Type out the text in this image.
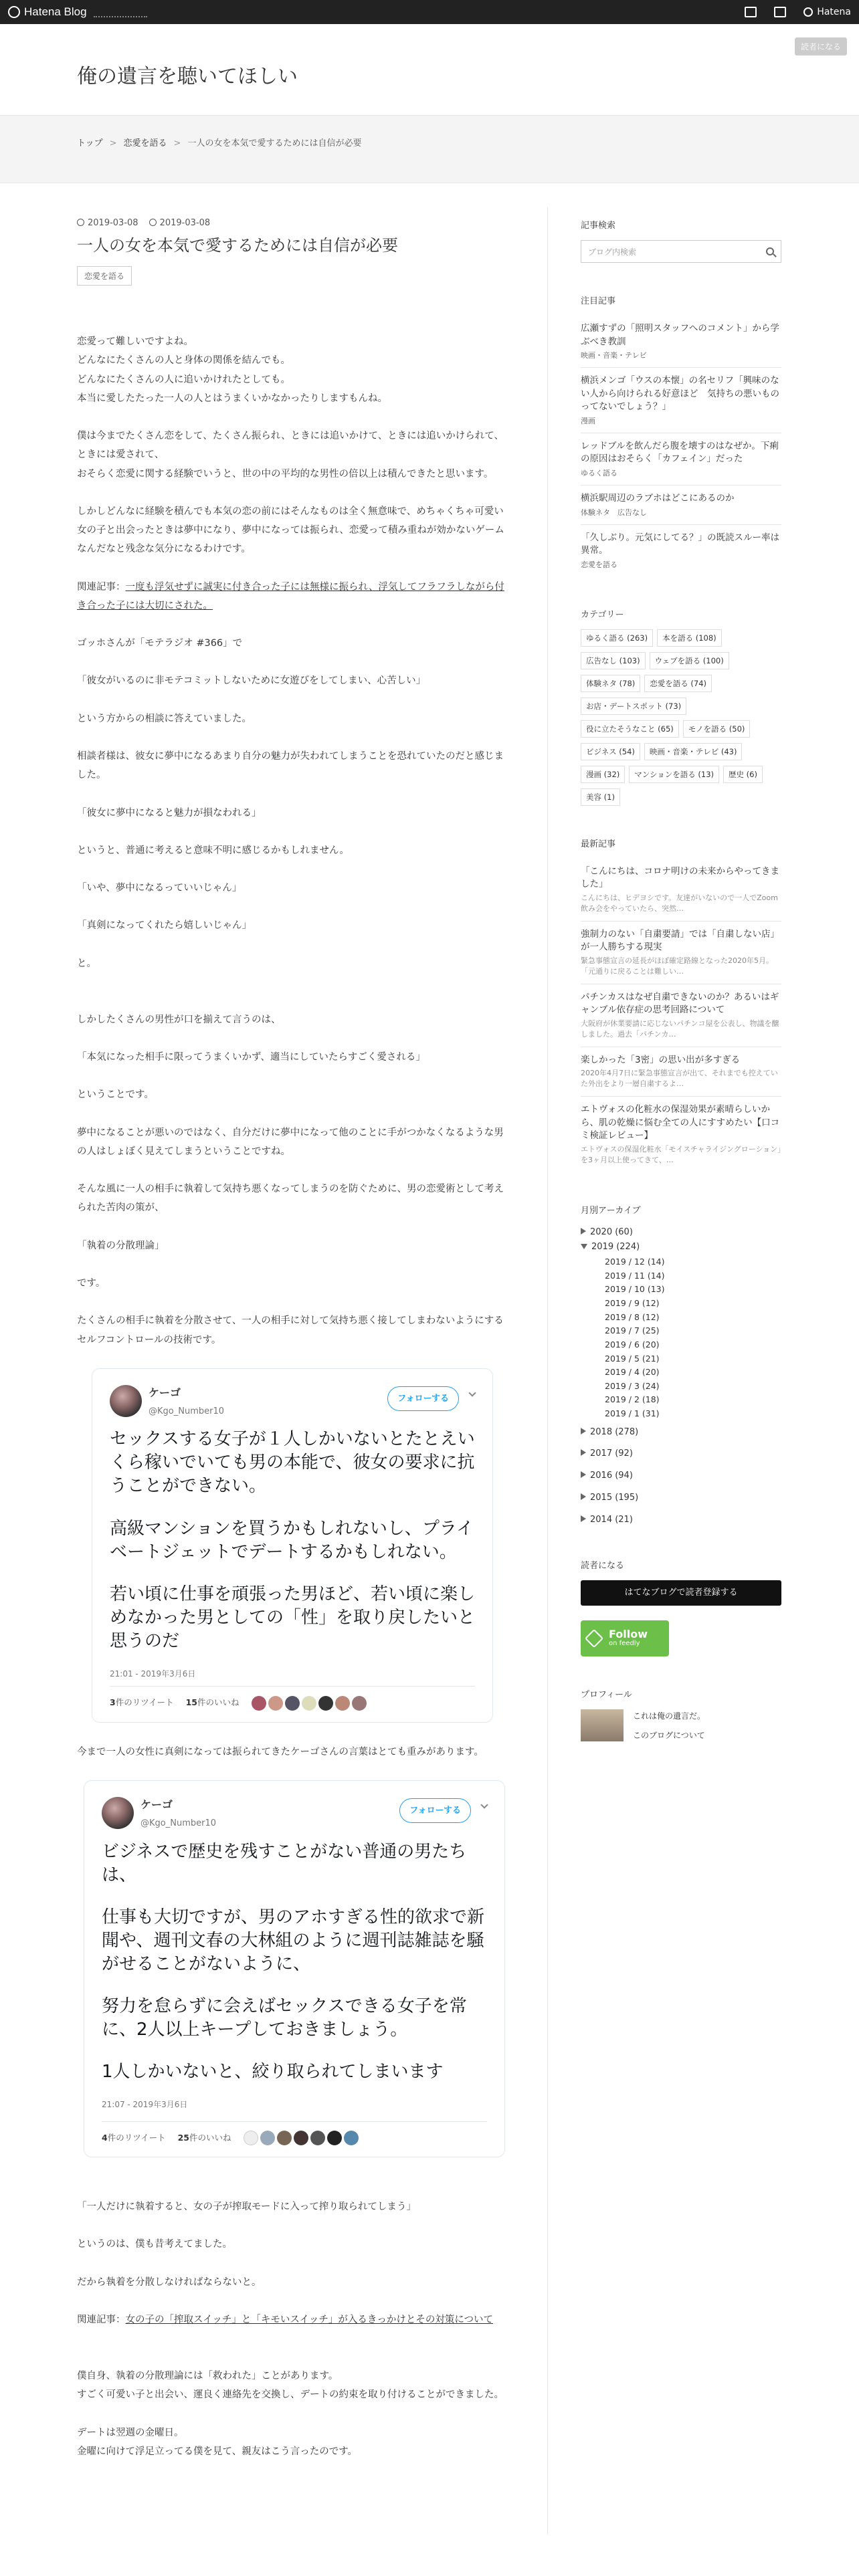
Hatena Blog	Hatena
俺の遺言を聴いてほしい
読者になる
トップ > 恋愛を語る > 一人の女を本気で愛するためには自信が必要
2019-03-08	2019-03-08
一人の女を本気で愛するためには自信が必要
恋愛を語る

恋愛って難しいですよね。
どんなにたくさんの人と身体の関係を結んでも。
どんなにたくさんの人に追いかけれたとしても。
本当に愛したたった一人の人とはうまくいかなかったりしますもんね。

僕は今までたくさん恋をして、たくさん振られ、ときには追いかけて、ときには追いかけられて、ときには愛されて、
おそらく恋愛に関する経験でいうと、世の中の平均的な男性の倍以上は積んできたと思います。

しかしどんなに経験を積んでも本気の恋の前にはそんなものは全く無意味で、めちゃくちゃ可愛い女の子と出会ったときは夢中になり、夢中になっては振られ、恋愛って積み重ねが効かないゲームなんだなと残念な気分になるわけです。

関連記事：一度も浮気せずに誠実に付き合った子には無様に振られ、浮気してフラフラしながら付き合った子には大切にされた。

ゴッホさんが「モテラジオ #366」で

「彼女がいるのに非モテコミットしないために女遊びをしてしまい、心苦しい」

という方からの相談に答えていました。

相談者様は、彼女に夢中になるあまり自分の魅力が失われてしまうことを恐れていたのだと感じました。

「彼女に夢中になると魅力が損なわれる」

というと、普通に考えると意味不明に感じるかもしれません。

「いや、夢中になるっていいじゃん」

「真剣になってくれたら嬉しいじゃん」

と。

しかしたくさんの男性が口を揃えて言うのは、

「本気になった相手に限ってうまくいかず、適当にしていたらすごく愛される」

ということです。

夢中になることが悪いのではなく、自分だけに夢中になって他のことに手がつかなくなるような男の人はしょぼく見えてしまうということですね。

そんな風に一人の相手に執着して気持ち悪くなってしまうのを防ぐために、男の恋愛術として考えられた苦肉の策が、

「執着の分散理論」

です。

たくさんの相手に執着を分散させて、一人の相手に対して気持ち悪く接してしまわないようにするセルフコントロールの技術です。

ケーゴ
@Kgo_Number10
フォローする

セックスする女子が１人しかいないとたとえいくら稼いでいても男の本能で、彼女の要求に抗うことができない。

高級マンションを買うかもしれないし、プライベートジェットでデートするかもしれない。

若い頃に仕事を頑張った男ほど、若い頃に楽しめなかった男としての「性」を取り戻したいと思うのだ

21:01 - 2019年3月6日
3件のリツイート 15件のいいね

今まで一人の女性に真剣になっては振られてきたケーゴさんの言葉はとても重みがあります。

ケーゴ
@Kgo_Number10
フォローする

ビジネスで歴史を残すことがない普通の男たちは、

仕事も大切ですが、男のアホすぎる性的欲求で新聞や、週刊文春の大林組のように週刊誌雑誌を騒がせることがないように、

努力を怠らずに会えばセックスできる女子を常に、2人以上キープしておきましょう。

1人しかいないと、絞り取られてしまいます

21:07 - 2019年3月6日
4件のリツイート 25件のいいね

「一人だけに執着すると、女の子が搾取モードに入って搾り取られてしまう」

というのは、僕も昔考えてました。

だから執着を分散しなければならないと。

関連記事：女の子の「搾取スイッチ」と「キモいスイッチ」が入るきっかけとその対策について

僕自身、執着の分散理論には「救われた」ことがあります。
すごく可愛い子と出会い、運良く連絡先を交換し、デートの約束を取り付けることができました。

デートは翌週の金曜日。
金曜に向けて浮足立ってる僕を見て、親友はこう言ったのです。

記事検索
ブログ内検索
注目記事
広瀬すずの「照明スタッフへのコメント」から学ぶべき教訓
映画・音楽・テレビ
横浜メンゴ「ウスの本懐」の名セリフ「興味のない人から向けられる好意ほど　気持ちの悪いものってないでしょう？」
漫画
レッドブルを飲んだら腹を壊すのはなぜか。下痢の原因はおそらく「カフェイン」だった
ゆるく語る
横浜駅周辺のラブホはどこにあるのか
体験ネタ　広告なし
「久しぶり。元気にしてる？」の既読スルー率は異常。
恋愛を語る
カテゴリー
ゆるく語る (263)	本を語る (108)
広告なし (103)	ウェブを語る (100)
体験ネタ (78)	恋愛を語る (74)
お店・デートスポット (73)
役に立たそうなこと (65)	モノを語る (50)
ビジネス (54)	映画・音楽・テレビ (43)
漫画 (32)	マンションを語る (13)	歴史 (6)
美容 (1)
最新記事
「こんにちは、コロナ明けの未来からやってきました」
こんにちは、ヒデヨシです。友達がいないので一人でZoom飲み会をやっていたら、突然…
強制力のない「自粛要請」では「自粛しない店」が一人勝ちする現実
緊急事態宣言の延長がほぼ確定路線となった2020年5月。「元通りに戻ることは難しい…
パチンカスはなぜ自粛できないのか？あるいはギャンブル依存症の思考回路について
大阪府が休業要請に応じないパチンコ屋を公表し、物議を醸しました。過去「パチンカ…
楽しかった「3密」の思い出が多すぎる
2020年4月7日に緊急事態宣言が出て、それまでも控えていた外出をより一層自粛するよ…
エトヴォスの化粧水の保湿効果が素晴らしいから、肌の乾燥に悩む全ての人にすすめたい【口コミ検証レビュー】
エトヴォスの保湿化粧水「モイスチャライジングローション」を3ヶ月以上使ってきて、…
月別アーカイブ
2020 (60)
2019 (224)
2019 / 12 (14)
2019 / 11 (14)
2019 / 10 (13)
2019 / 9 (12)
2019 / 8 (12)
2019 / 7 (25)
2019 / 6 (20)
2019 / 5 (21)
2019 / 4 (20)
2019 / 3 (24)
2019 / 2 (18)
2019 / 1 (31)
2018 (278)
2017 (92)
2016 (94)
2015 (195)
2014 (21)
読者になる
はてなブログで読者登録する
Follow
on feedly
プロフィール
これは俺の遺言だ。
このブログについて
